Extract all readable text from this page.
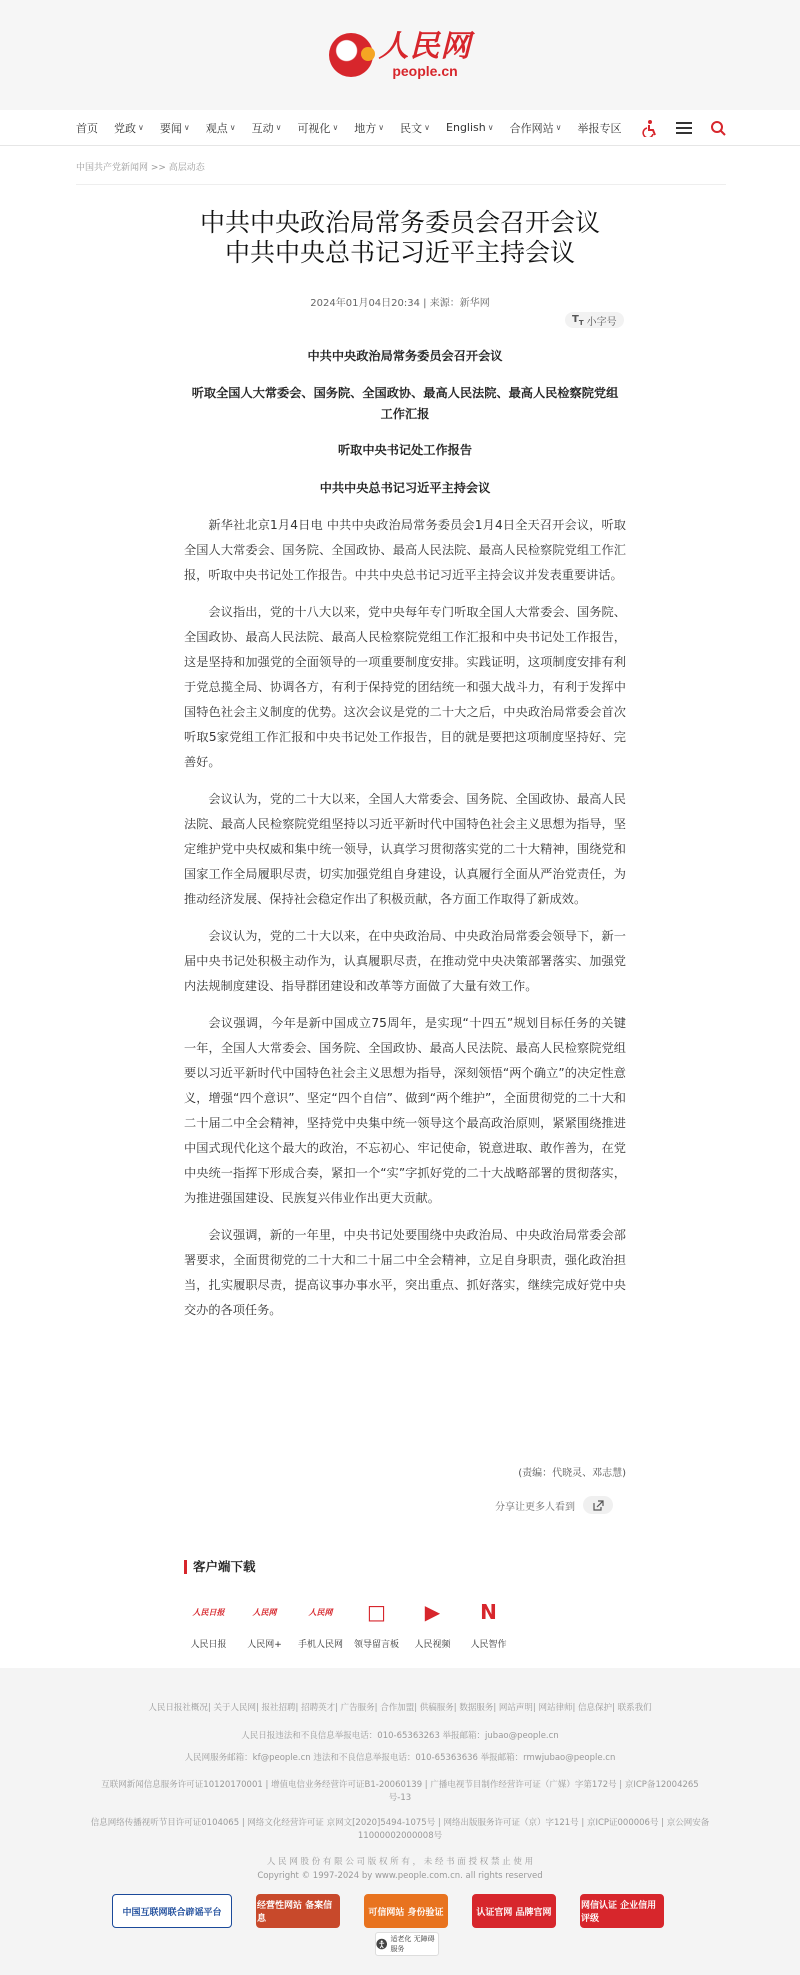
人民网
people.cn
首页 党政 ∨ 要闻 ∨ 观点 ∨ 互动 ∨ 可视化 ∨ 地方 ∨ 民文 ∨ English ∨ 合作网站 ∨ 举报专区
中国共产党新闻网 >> 高层动态
中共中央政治局常务委员会召开会议
中共中央总书记习近平主持会议
2024年01月04日20:34 | 来源：新华网
$T_T$ 小字号

中共中央政治局常务委员会召开会议

听取全国人大常委会、国务院、全国政协、最高人民法院、最高人民检察院党组工作汇报

听取中央书记处工作报告

中共中央总书记习近平主持会议

新华社北京1月4日电 中共中央政治局常务委员会1月4日全天召开会议，听取全国人大常委会、国务院、全国政协、最高人民法院、最高人民检察院党组工作汇报，听取中央书记处工作报告。中共中央总书记习近平主持会议并发表重要讲话。

会议指出，党的十八大以来，党中央每年专门听取全国人大常委会、国务院、全国政协、最高人民法院、最高人民检察院党组工作汇报和中央书记处工作报告，这是坚持和加强党的全面领导的一项重要制度安排。实践证明，这项制度安排有利于党总揽全局、协调各方，有利于保持党的团结统一和强大战斗力，有利于发挥中国特色社会主义制度的优势。这次会议是党的二十大之后，中央政治局常委会首次听取5家党组工作汇报和中央书记处工作报告，目的就是要把这项制度坚持好、完善好。

会议认为，党的二十大以来，全国人大常委会、国务院、全国政协、最高人民法院、最高人民检察院党组坚持以习近平新时代中国特色社会主义思想为指导，坚定维护党中央权威和集中统一领导，认真学习贯彻落实党的二十大精神，围绕党和国家工作全局履职尽责，切实加强党组自身建设，认真履行全面从严治党责任，为推动经济发展、保持社会稳定作出了积极贡献，各方面工作取得了新成效。

会议认为，党的二十大以来，在中央政治局、中央政治局常委会领导下，新一届中央书记处积极主动作为，认真履职尽责，在推动党中央决策部署落实、加强党内法规制度建设、指导群团建设和改革等方面做了大量有效工作。

会议强调，今年是新中国成立75周年，是实现“十四五”规划目标任务的关键一年，全国人大常委会、国务院、全国政协、最高人民法院、最高人民检察院党组要以习近平新时代中国特色社会主义思想为指导，深刻领悟“两个确立”的决定性意义，增强“四个意识”、坚定“四个自信”、做到“两个维护”，全面贯彻党的二十大和二十届二中全会精神，坚持党中央集中统一领导这个最高政治原则，紧紧围绕推进中国式现代化这个最大的政治，不忘初心、牢记使命，锐意进取、敢作善为，在党中央统一指挥下形成合奏，紧扣一个“实”字抓好党的二十大战略部署的贯彻落实，为推进强国建设、民族复兴伟业作出更大贡献。

会议强调，新的一年里，中央书记处要围绕中央政治局、中央政治局常委会部署要求，全面贯彻党的二十大和二十届二中全会精神，立足自身职责，强化政治担当，扎实履职尽责，提高议事办事水平，突出重点、抓好落实，继续完成好党中央交办的各项任务。

(责编：代晓灵、邓志慧)
分享让更多人看到
客户端下载
人民日报
人民日报
人民网
人民网+
人民网
手机人民网
□
领导留言板
▶
人民视频
N
人民智作
人民日报社概况| 关于人民网| 报社招聘| 招聘英才| 广告服务| 合作加盟| 供稿服务| 数据服务| 网站声明| 网站律师| 信息保护| 联系我们
人民日报违法和不良信息举报电话：010-65363263 举报邮箱：jubao@people.cn
人民网服务邮箱：kf@people.cn 违法和不良信息举报电话：010-65363636 举报邮箱：rmwjubao@people.cn
互联网新闻信息服务许可证10120170001 | 增值电信业务经营许可证B1-20060139 | 广播电视节目制作经营许可证（广媒）字第172号 | 京ICP备12004265
号-13
信息网络传播视听节目许可证0104065 | 网络文化经营许可证 京网文[2020]5494-1075号 | 网络出版服务许可证（京）字121号 | 京ICP证000006号 | 京公网安备
11000002000008号
人 民 网 股 份 有 限 公 司 版 权 所 有 ， 未 经 书 面 授 权 禁 止 使 用
Copyright © 1997-2024 by www.people.com.cn. all rights reserved
中国互联网联合辟谣平台
经营性网站 备案信息
可信网站 身份验证	认证官网 品牌官网
网信认证 企业信用评级
适老化 无障碍服务
